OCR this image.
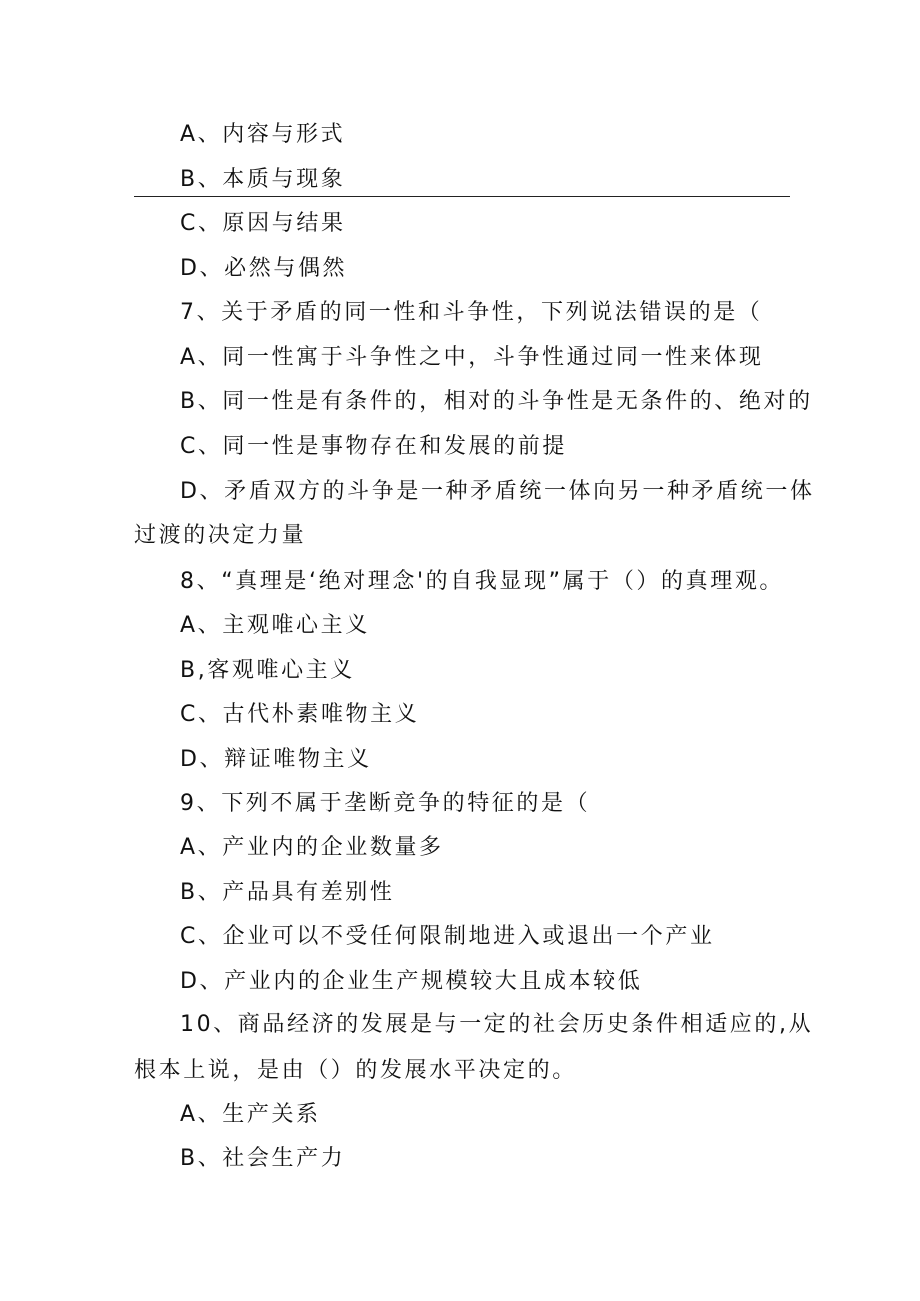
A、内容与形式
B、本质与现象
C、原因与结果
D、必然与偶然
7、关于矛盾的同一性和斗争性，下列说法错误的是（
A、同一性寓于斗争性之中，斗争性通过同一性来体现
B、同一性是有条件的，相对的斗争性是无条件的、绝对的
C、同一性是事物存在和发展的前提
D、矛盾双方的斗争是一种矛盾统一体向另一种矛盾统一体
过渡的决定力量
8、“真理是‘绝对理念'的自我显现”属于（）的真理观。
A、主观唯心主义
B,客观唯心主义
C、古代朴素唯物主义
D、辩证唯物主义
9、下列不属于垄断竞争的特征的是（
A、产业内的企业数量多
B、产品具有差别性
C、企业可以不受任何限制地进入或退出一个产业
D、产业内的企业生产规模较大且成本较低
10、商品经济的发展是与一定的社会历史条件相适应的,从
根本上说，是由（）的发展水平决定的。
A、生产关系
B、社会生产力
